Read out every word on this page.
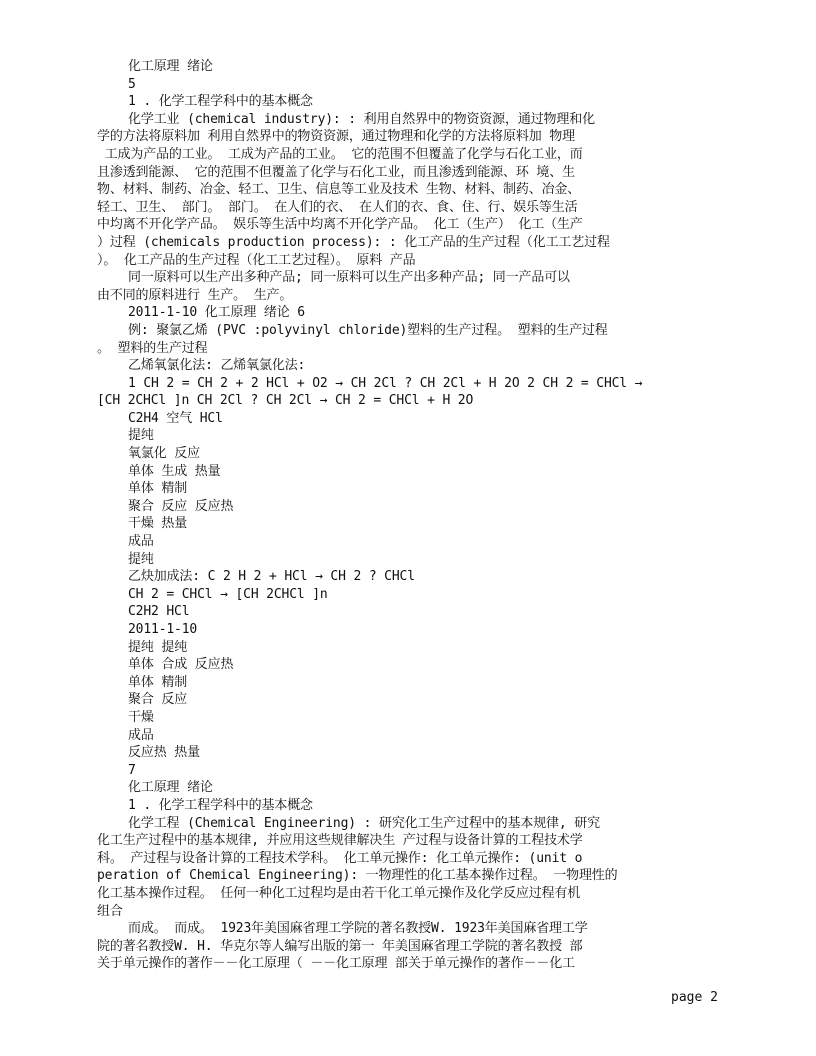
化工原理 绪论
5
1 . 化学工程学科中的基本概念
化学工业 (chemical industry): : 利用自然界中的物资资源，通过物理和化
学的方法将原料加 利用自然界中的物资资源，通过物理和化学的方法将原料加 物理
工成为产品的工业。 工成为产品的工业。 它的范围不但覆盖了化学与石化工业，而
且渗透到能源、 它的范围不但覆盖了化学与石化工业，而且渗透到能源、环 境、生
物、材料、制药、冶金、轻工、卫生、信息等工业及技术 生物、材料、制药、冶金、
轻工、卫生、 部门。 部门。 在人们的衣、 在人们的衣、食、住、行、娱乐等生活
中均离不开化学产品。 娱乐等生活中均离不开化学产品。 化工（生产） 化工（生产
）过程 (chemicals production process): : 化工产品的生产过程（化工工艺过程
）。 化工产品的生产过程（化工工艺过程）。 原料 产品
同一原料可以生产出多种产品; 同一原料可以生产出多种产品; 同一产品可以
由不同的原料进行 生产。 生产。
2011-1-10 化工原理 绪论 6
例: 聚氯乙烯 (PVC :polyvinyl chloride)塑料的生产过程。 塑料的生产过程
。 塑料的生产过程
乙烯氧氯化法: 乙烯氧氯化法:
1 CH 2 = CH 2 + 2 HCl + O2 → CH 2Cl ? CH 2Cl + H 2O 2 CH 2 = CHCl →
[CH 2CHCl ]n CH 2Cl ? CH 2Cl → CH 2 = CHCl + H 2O
C2H4 空气 HCl
提纯
氧氯化 反应
单体 生成 热量
单体 精制
聚合 反应 反应热
干燥 热量
成品
提纯
乙炔加成法: C 2 H 2 + HCl → CH 2 ? CHCl
CH 2 = CHCl → [CH 2CHCl ]n
C2H2 HCl
2011-1-10
提纯 提纯
单体 合成 反应热
单体 精制
聚合 反应
干燥
成品
反应热 热量
7
化工原理 绪论
1 . 化学工程学科中的基本概念
化学工程 (Chemical Engineering) : 研究化工生产过程中的基本规律, 研究
化工生产过程中的基本规律, 并应用这些规律解决生 产过程与设备计算的工程技术学
科。 产过程与设备计算的工程技术学科。 化工单元操作: 化工单元操作: (unit o
peration of Chemical Engineering): 一物理性的化工基本操作过程。 一物理性的
化工基本操作过程。 任何一种化工过程均是由若干化工单元操作及化学反应过程有机
组合
而成。 而成。 1923年美国麻省理工学院的著名教授W. 1923年美国麻省理工学
院的著名教授W. H. 华克尔等人编写出版的第一 年美国麻省理工学院的著名教授 部
关于单元操作的著作－－化工原理（ －－化工原理 部关于单元操作的著作－－化工
page 2
